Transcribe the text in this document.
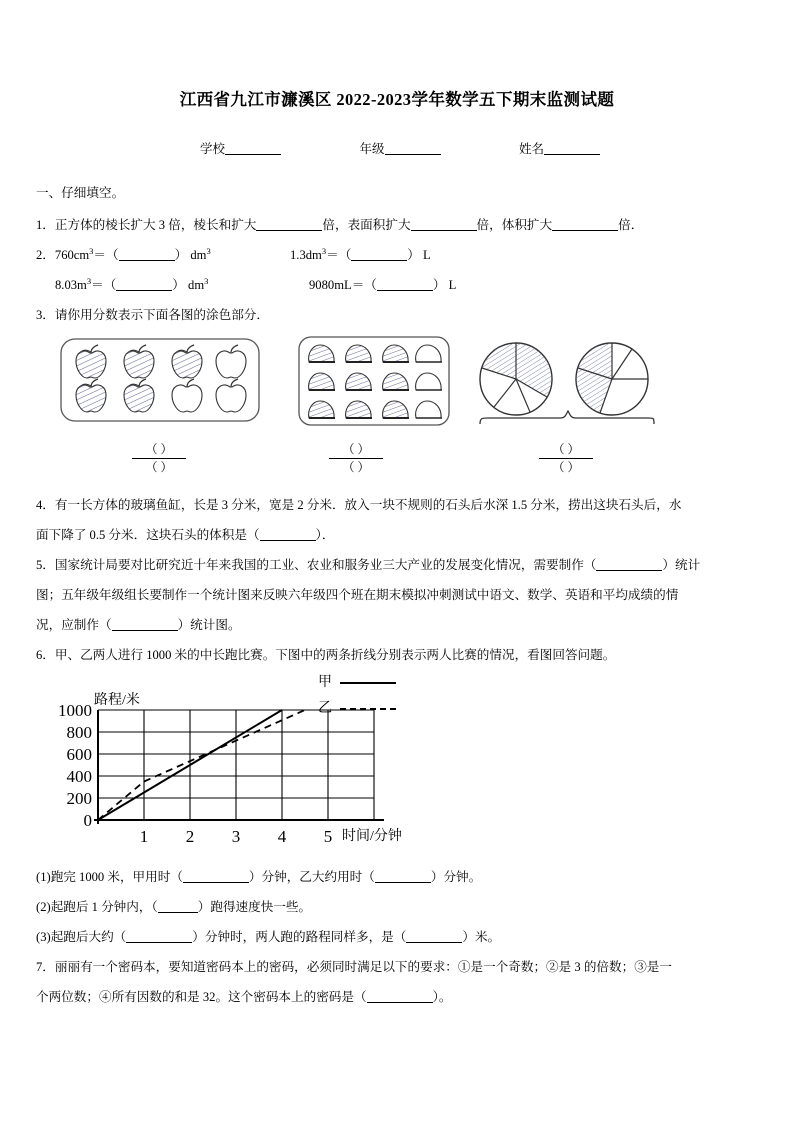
江西省九江市濂溪区 2022-2023学年数学五下期末监测试题
学校	年级	姓名
一、仔细填空。

1．正方体的棱长扩大 3 倍，棱长和扩大	倍，表面积扩大	倍，体积扩大	倍．

2．$760cm^3=$（	） $dm^3$	$1.3dm^3=$（	） L
$8.03m^3=$（	） $dm^3$	9080mL＝（	） L

3．请你用分数表示下面各图的涂色部分．

（ ）
（ ）
（ ）
（ ）
（ ）
（ ）

4．有一长方体的玻璃鱼缸，长是 3 分米，宽是 2 分米．放入一块不规则的石头后水深 1.5 分米，捞出这块石头后，水

面下降了 0.5 分米．这块石头的体积是（	）．

5．国家统计局要对比研究近十年来我国的工业、农业和服务业三大产业的发展变化情况，需要制作（	）统计

图；五年级年级组长要制作一个统计图来反映六年级四个班在期末模拟冲刺测试中语文、数学、英语和平均成绩的情

况，应制作（	）统计图。

6．甲、乙两人进行 1000 米的中长跑比赛。下图中的两条折线分别表示两人比赛的情况，看图回答问题。

甲
乙
路程/米
时间/分钟
1000
800
600
400
200
0
1 2 3 4 5

(1)跑完 1000 米，甲用时（	）分钟，乙大约用时（	）分钟。

(2)起跑后 1 分钟内，（	）跑得速度快一些。

(3)起跑后大约（	）分钟时，两人跑的路程同样多，是（	）米。

7．丽丽有一个密码本，要知道密码本上的密码，必须同时满足以下的要求：①是一个奇数；②是 3 的倍数；③是一

个两位数；④所有因数的和是 32。这个密码本上的密码是（	）。
